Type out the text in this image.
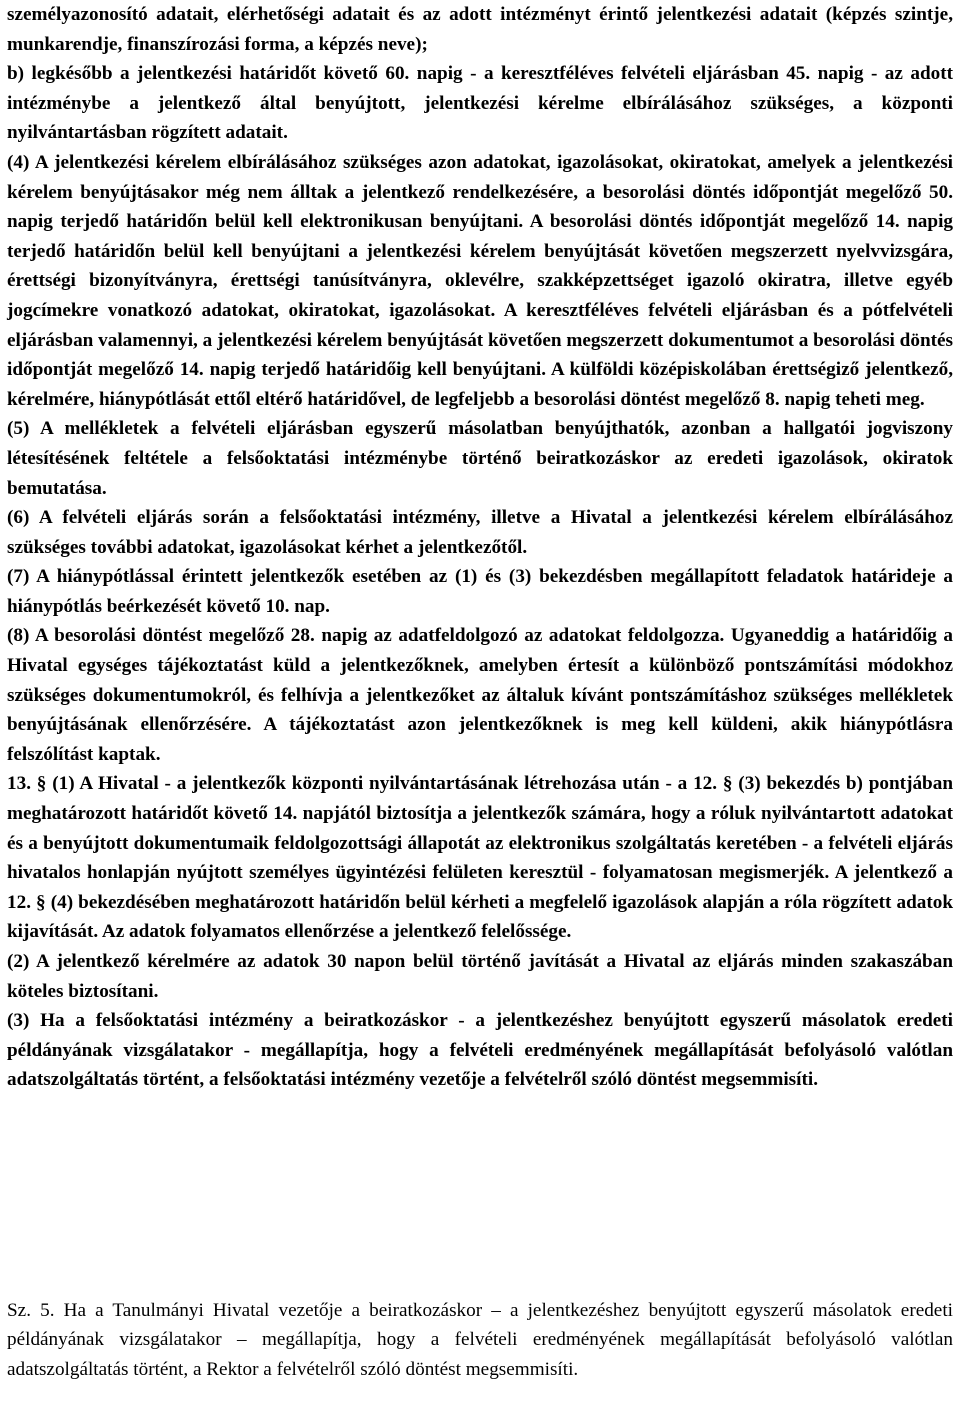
személyazonosító adatait, elérhetőségi adatait és az adott intézményt érintő jelentkezési adatait (képzés szintje, munkarendje, finanszírozási forma, a képzés neve);

b) legkésőbb a jelentkezési határidőt követő 60. napig - a keresztféléves felvételi eljárásban 45. napig - az adott intézménybe a jelentkező által benyújtott, jelentkezési kérelme elbírálásához szükséges, a központi nyilvántartásban rögzített adatait.

(4) A jelentkezési kérelem elbírálásához szükséges azon adatokat, igazolásokat, okiratokat, amelyek a jelentkezési kérelem benyújtásakor még nem álltak a jelentkező rendelkezésére, a besorolási döntés időpontját megelőző 50. napig terjedő határidőn belül kell elektronikusan benyújtani. A besorolási döntés időpontját megelőző 14. napig terjedő határidőn belül kell benyújtani a jelentkezési kérelem benyújtását követően megszerzett nyelvvizsgára, érettségi bizonyítványra, érettségi tanúsítványra, oklevélre, szakképzettséget igazoló okiratra, illetve egyéb jogcímekre vonatkozó adatokat, okiratokat, igazolásokat. A keresztféléves felvételi eljárásban és a pótfelvételi eljárásban valamennyi, a jelentkezési kérelem benyújtását követően megszerzett dokumentumot a besorolási döntés időpontját megelőző 14. napig terjedő határidőig kell benyújtani. A külföldi középiskolában érettségiző jelentkező, kérelmére, hiánypótlását ettől eltérő határidővel, de legfeljebb a besorolási döntést megelőző 8. napig teheti meg.

(5) A mellékletek a felvételi eljárásban egyszerű másolatban benyújthatók, azonban a hallgatói jogviszony létesítésének feltétele a felsőoktatási intézménybe történő beiratkozáskor az eredeti igazolások, okiratok bemutatása.

(6) A felvételi eljárás során a felsőoktatási intézmény, illetve a Hivatal a jelentkezési kérelem elbírálásához szükséges további adatokat, igazolásokat kérhet a jelentkezőtől.

(7) A hiánypótlással érintett jelentkezők esetében az (1) és (3) bekezdésben megállapított feladatok határideje a hiánypótlás beérkezését követő 10. nap.

(8) A besorolási döntést megelőző 28. napig az adatfeldolgozó az adatokat feldolgozza. Ugyaneddig a határidőig a Hivatal egységes tájékoztatást küld a jelentkezőknek, amelyben értesít a különböző pontszámítási módokhoz szükséges dokumentumokról, és felhívja a jelentkezőket az általuk kívánt pontszámításhoz szükséges mellékletek benyújtásának ellenőrzésére. A tájékoztatást azon jelentkezőknek is meg kell küldeni, akik hiánypótlásra felszólítást kaptak.

13. § (1) A Hivatal - a jelentkezők központi nyilvántartásának létrehozása után - a 12. § (3) bekezdés b) pontjában meghatározott határidőt követő 14. napjától biztosítja a jelentkezők számára, hogy a róluk nyilvántartott adatokat és a benyújtott dokumentumaik feldolgozottsági állapotát az elektronikus szolgáltatás keretében - a felvételi eljárás hivatalos honlapján nyújtott személyes ügyintézési felületen keresztül - folyamatosan megismerjék. A jelentkező a 12. § (4) bekezdésében meghatározott határidőn belül kérheti a megfelelő igazolások alapján a róla rögzített adatok kijavítását. Az adatok folyamatos ellenőrzése a jelentkező felelőssége.

(2) A jelentkező kérelmére az adatok 30 napon belül történő javítását a Hivatal az eljárás minden szakaszában köteles biztosítani.

(3) Ha a felsőoktatási intézmény a beiratkozáskor - a jelentkezéshez benyújtott egyszerű másolatok eredeti példányának vizsgálatakor - megállapítja, hogy a felvételi eredményének megállapítását befolyásoló valótlan adatszolgáltatás történt, a felsőoktatási intézmény vezetője a felvételről szóló döntést megsemmisíti.

Sz. 5. Ha a Tanulmányi Hivatal vezetője a beiratkozáskor – a jelentkezéshez benyújtott egyszerű másolatok eredeti példányának vizsgálatakor – megállapítja, hogy a felvételi eredményének megállapítását befolyásoló valótlan adatszolgáltatás történt, a Rektor a felvételről szóló döntést megsemmisíti.
